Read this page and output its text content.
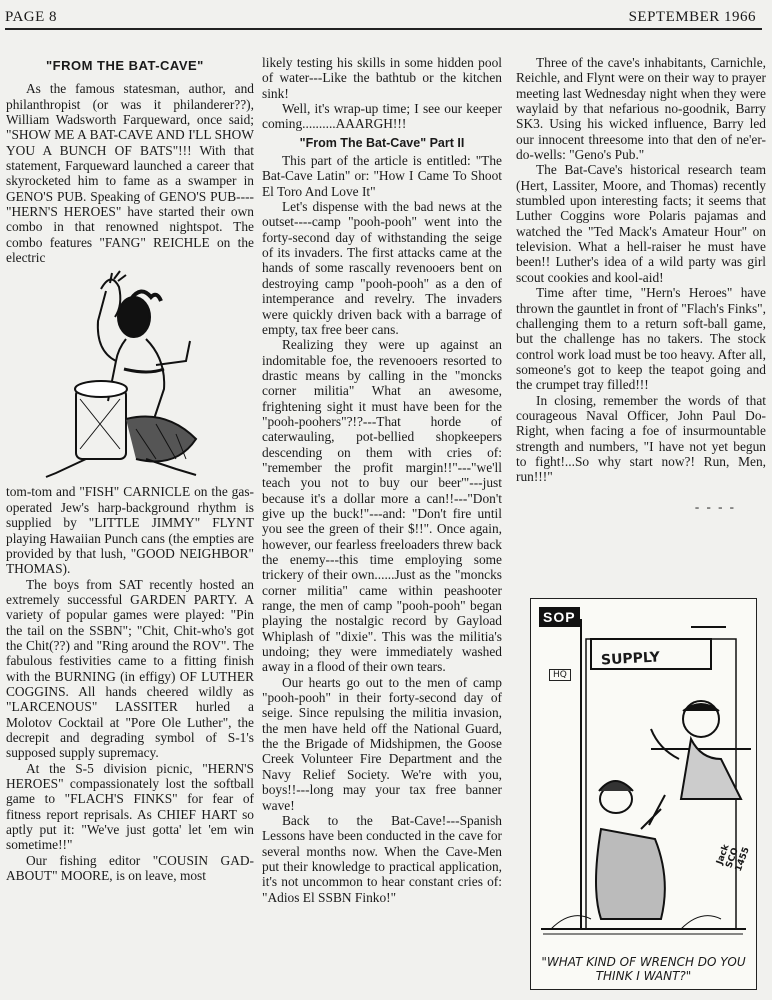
PAGE 8	SEPTEMBER 1966

"FROM THE BAT-CAVE"

As the famous statesman, author, and philanthropist (or was it philanderer??), William Wadsworth Farqueward, once said; "SHOW ME A BAT-CAVE AND I'LL SHOW YOU A BUNCH OF BATS"!!! With that statement, Farqueward launched a career that skyrocketed him to fame as a swamper in GENO'S PUB. Speaking of GENO'S PUB----"HERN'S HEROES" have started their own combo in that renowned nightspot. The combo features "FANG" REICHLE on the electric

tom-tom and "FISH" CARNICLE on the gas-operated Jew's harp-background rhythm is supplied by "LITTLE JIMMY" FLYNT playing Hawaiian Punch cans (the empties are provided by that lush, "GOOD NEIGHBOR" THOMAS).

The boys from SAT recently hosted an extremely successful GARDEN PARTY. A variety of popular games were played: "Pin the tail on the SSBN"; "Chit, Chit-who's got the Chit(??) and "Ring around the ROV". The fabulous festivities came to a fitting finish with the BURNING (in effigy) OF LUTHER COGGINS. All hands cheered wildly as "LARCENOUS" LASSITER hurled a Molotov Cocktail at "Pore Ole Luther", the decrepit and degrading symbol of S-1's supposed supply supremacy.

At the S-5 division picnic, "HERN'S HEROES" compassionately lost the softball game to "FLACH'S FINKS" for fear of fitness report reprisals. As CHIEF HART so aptly put it: "We've just gotta' let 'em win sometime!!"

Our fishing editor "COUSIN GAD-ABOUT" MOORE, is on leave, most

likely testing his skills in some hidden pool of water---Like the bathtub or the kitchen sink!

Well, it's wrap-up time; I see our keeper coming..........AAARGH!!!

"From The Bat-Cave" Part II

This part of the article is entitled: "The Bat-Cave Latin" or: "How I Came To Shoot El Toro And Love It"

Let's dispense with the bad news at the outset----camp "pooh-pooh" went into the forty-second day of withstanding the seige of its invaders. The first attacks came at the hands of some rascally revenooers bent on destroying camp "pooh-pooh" as a den of intemperance and revelry. The invaders were quickly driven back with a barrage of empty, tax free beer cans.

Realizing they were up against an indomitable foe, the revenooers resorted to drastic means by calling in the "moncks corner militia" What an awesome, frightening sight it must have been for the "pooh-poohers"?!?---That horde of caterwauling, pot-bellied shopkeepers descending on them with cries of: "remember the profit margin!!"---"we'll teach you not to buy our beer'"---just because it's a dollar more a can!!---"Don't give up the buck!"---and: "Don't fire until you see the green of their $!!". Once again, however, our fearless freeloaders threw back the enemy---this time employing some trickery of their own......Just as the "moncks corner militia" came within peashooter range, the men of camp "pooh-pooh" began playing the nostalgic record by Gayload Whiplash of "dixie". This was the militia's undoing; they were immediately washed away in a flood of their own tears.

Our hearts go out to the men of camp "pooh-pooh" in their forty-second day of seige. Since repulsing the militia invasion, the men have held off the National Guard, the the Brigade of Midshipmen, the Goose Creek Volunteer Fire Department and the Navy Relief Society. We're with you, boys!!---long may your tax free banner wave!

Back to the Bat-Cave!---Spanish Lessons have been conducted in the cave for several months now. When the Cave-Men put their knowledge to practical application, it's not uncommon to hear constant cries of: "Adios El SSBN Finko!"

Three of the cave's inhabitants, Carnichle, Reichle, and Flynt were on their way to prayer meeting last Wednesday night when they were waylaid by that nefarious no-goodnik, Barry SK3. Using his wicked influence, Barry led our innocent threesome into that den of ne'er-do-wells: "Geno's Pub."

The Bat-Cave's historical research team (Hert, Lassiter, Moore, and Thomas) recently stumbled upon interesting facts; it seems that Luther Coggins wore Polaris pajamas and watched the "Ted Mack's Amateur Hour" on television. What a hell-raiser he must have been!! Luther's idea of a wild party was girl scout cookies and kool-aid!

Time after time, "Hern's Heroes" have thrown the gauntlet in front of "Flach's Finks", challenging them to a return soft-ball game, but the challenge has no takers. The stock control work load must be too heavy. After all, someone's got to keep the teapot going and the crumpet tray filled!!!

In closing, remember the words of that courageous Naval Officer, John Paul Do-Right, when facing a foe of insurmountable strength and numbers, "I have not yet begun to fight!...So why start now?! Run, Men, run!!!"

- - - -

SOP
SUPPLY
HQ
Jack SCO 1455
"WHAT KIND OF WRENCH DO YOU THINK I WANT?"
